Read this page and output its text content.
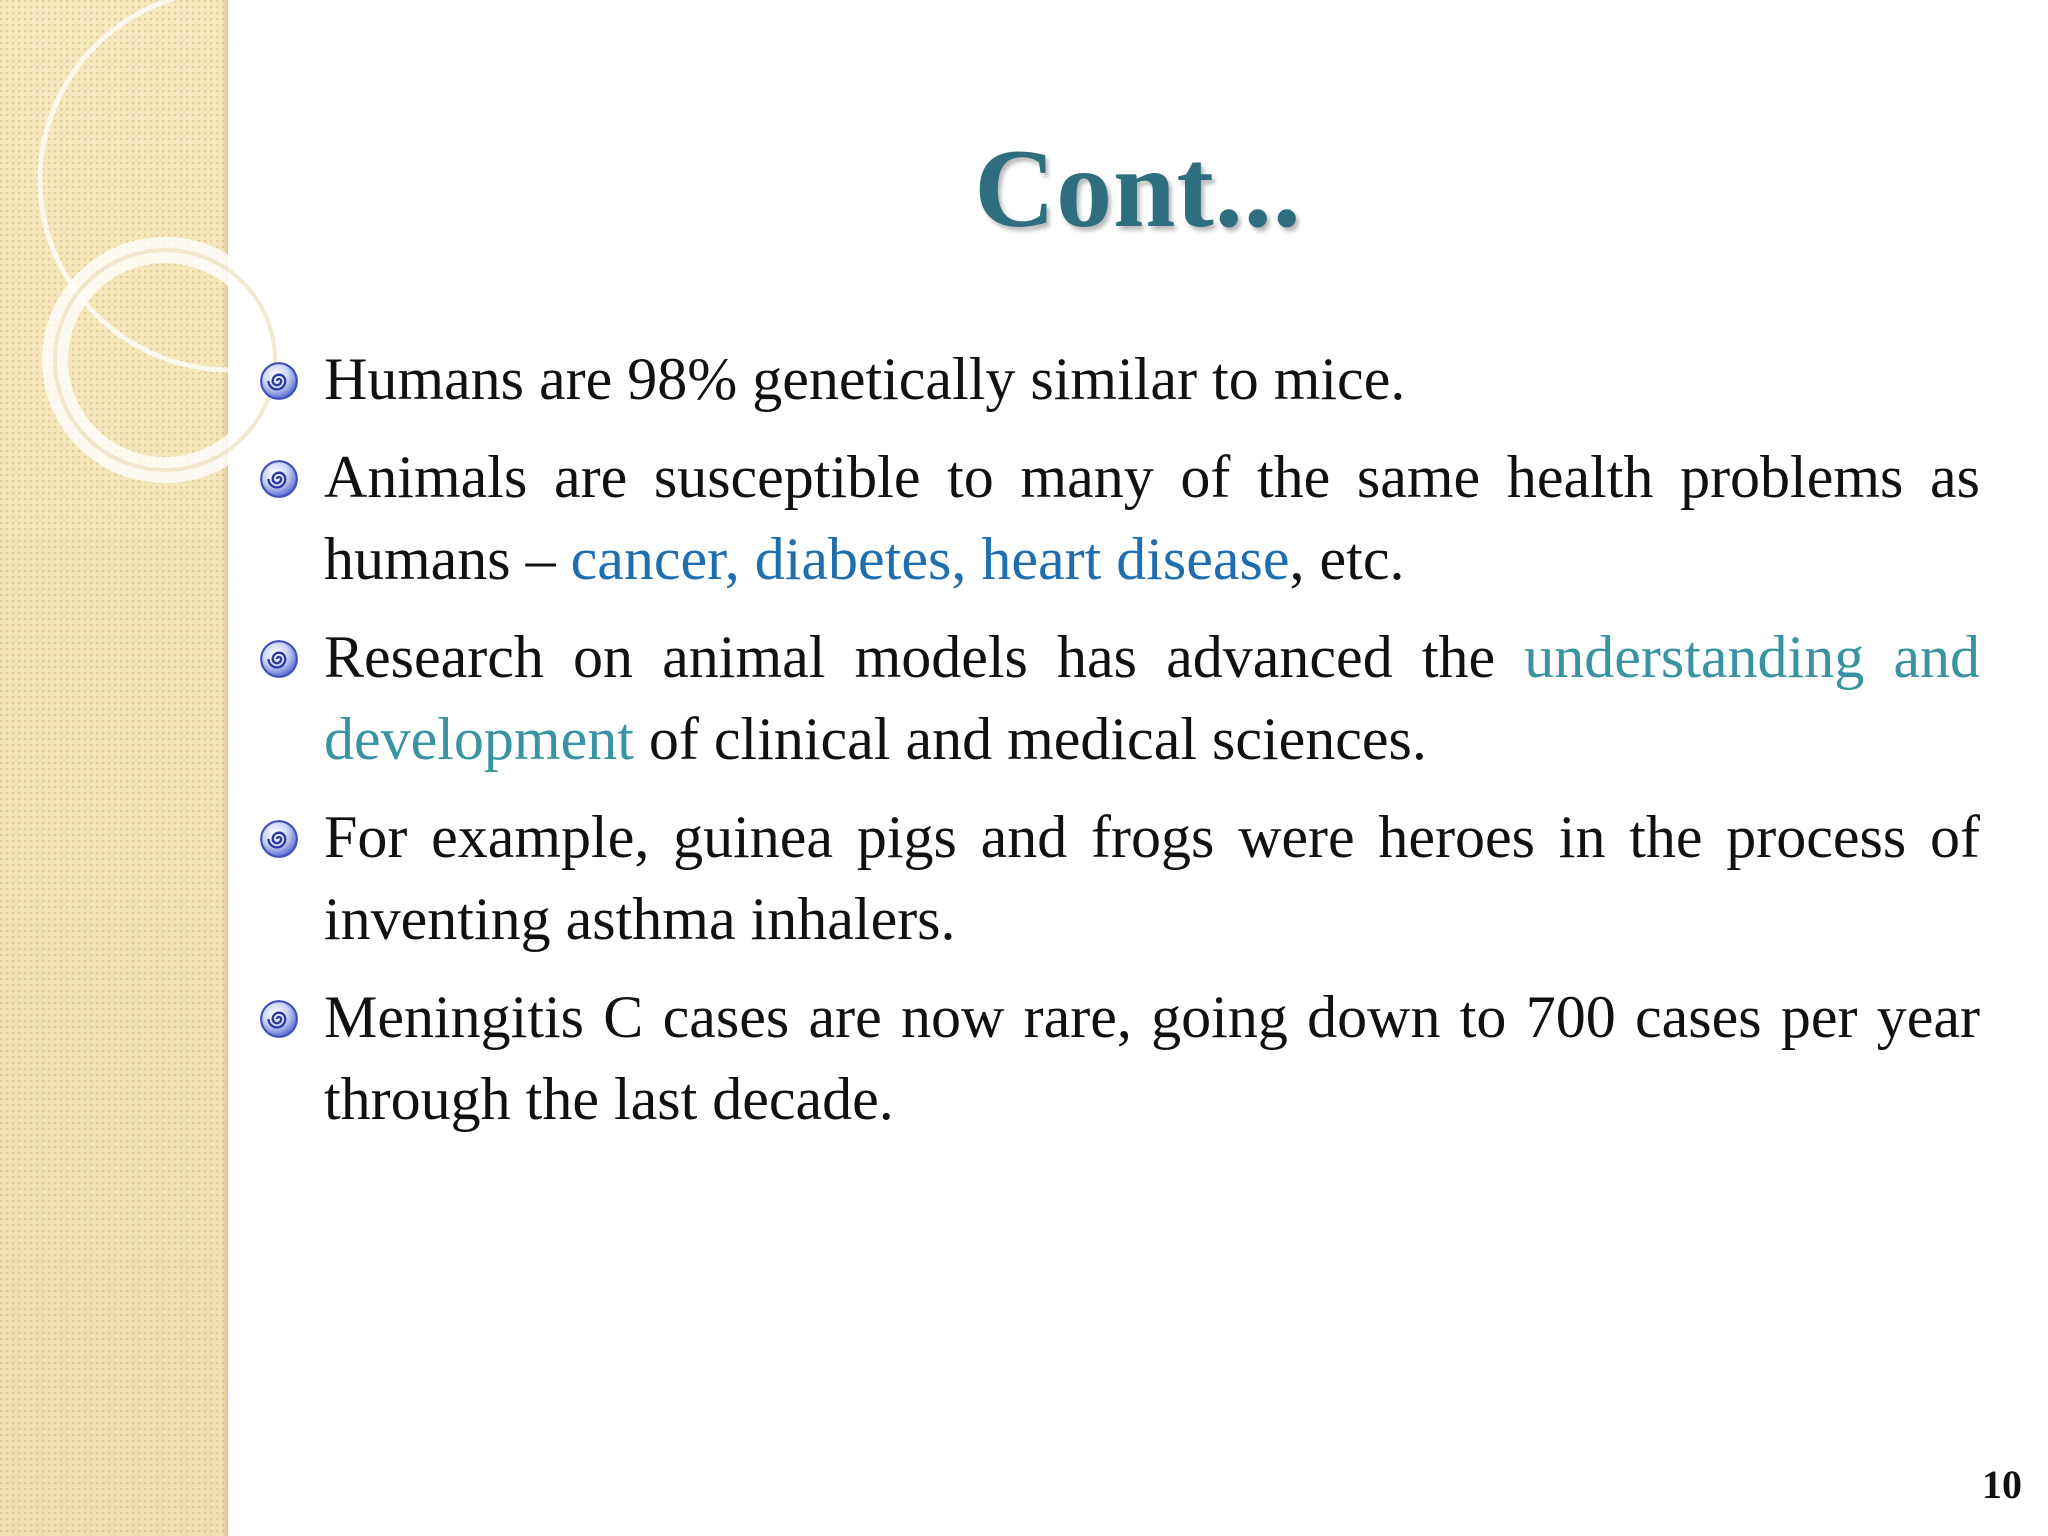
Cont...
Humans are 98% genetically similar to mice.
Animals are susceptible to many of the same health problems as humans – cancer, diabetes, heart disease, etc.
Research on animal models has advanced the understanding and development of clinical and medical sciences.
For example, guinea pigs and frogs were heroes in the process of inventing asthma inhalers.
Meningitis C cases are now rare, going down to 700 cases per year through the last decade.
10
